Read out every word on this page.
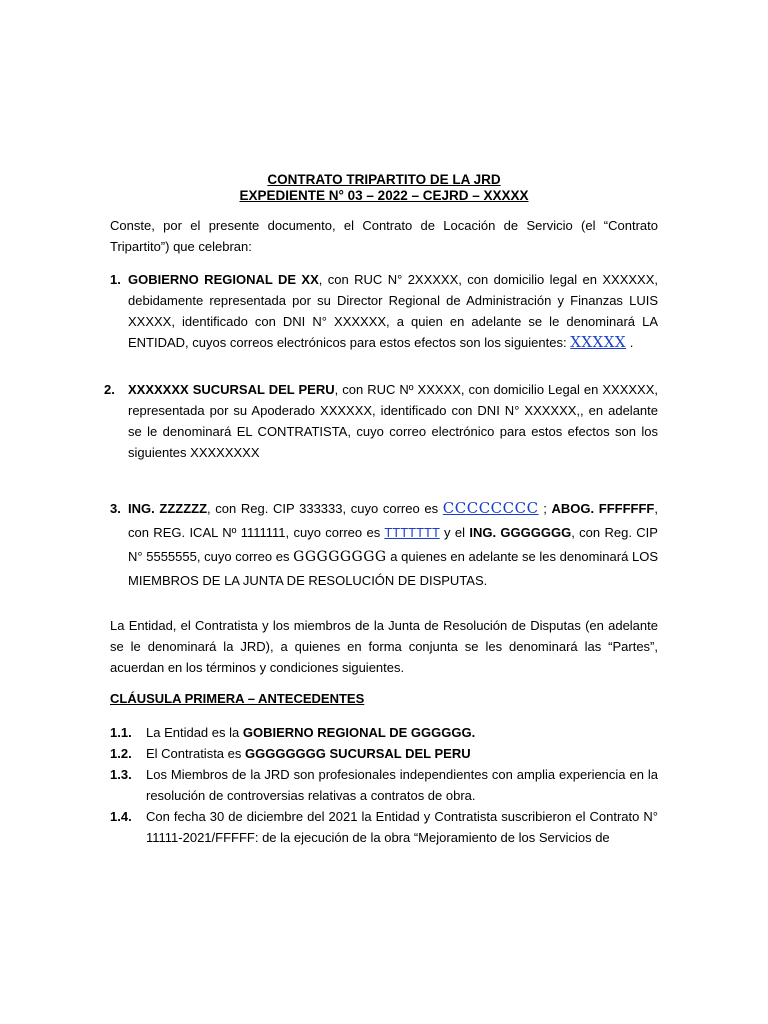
CONTRATO TRIPARTITO DE LA JRD
EXPEDIENTE N° 03 – 2022 – CEJRD – XXXXX
Conste, por el presente documento, el Contrato de Locación de Servicio (el “Contrato Tripartito”) que celebran:
1. GOBIERNO REGIONAL DE XX, con RUC N° 2XXXXX, con domicilio legal en XXXXXX, debidamente representada por su Director Regional de Administración y Finanzas LUIS XXXXX, identificado con DNI N° XXXXXX, a quien en adelante se le denominará LA ENTIDAD, cuyos correos electrónicos para estos efectos son los siguientes: XXXXX .
2. XXXXXXX SUCURSAL DEL PERU, con RUC Nº XXXXX, con domicilio Legal en XXXXXX, representada por su Apoderado XXXXXX, identificado con DNI N° XXXXXX,, en adelante se le denominará EL CONTRATISTA, cuyo correo electrónico para estos efectos son los siguientes XXXXXXXX
3. ING. ZZZZZZ, con Reg. CIP 333333, cuyo correo es CCCCCCCC ; ABOG. FFFFFFF, con REG. ICAL Nº 1111111, cuyo correo es TTTTTTT y el ING. GGGGGGG, con Reg. CIP N° 5555555, cuyo correo es GGGGGGGG a quienes en adelante se les denominará LOS MIEMBROS DE LA JUNTA DE RESOLUCIÓN DE DISPUTAS.
La Entidad, el Contratista y los miembros de la Junta de Resolución de Disputas (en adelante se le denominará la JRD), a quienes en forma conjunta se les denominará las “Partes”, acuerdan en los términos y condiciones siguientes.
CLÁUSULA PRIMERA – ANTECEDENTES
1.1. La Entidad es la GOBIERNO REGIONAL DE GGGGGG.
1.2. El Contratista es GGGGGGGG SUCURSAL DEL PERU
1.3. Los Miembros de la JRD son profesionales independientes con amplia experiencia en la resolución de controversias relativas a contratos de obra.
1.4. Con fecha 30 de diciembre del 2021 la Entidad y Contratista suscribieron el Contrato N° 11111-2021/FFFFF: de la ejecución de la obra “Mejoramiento de los Servicios de
